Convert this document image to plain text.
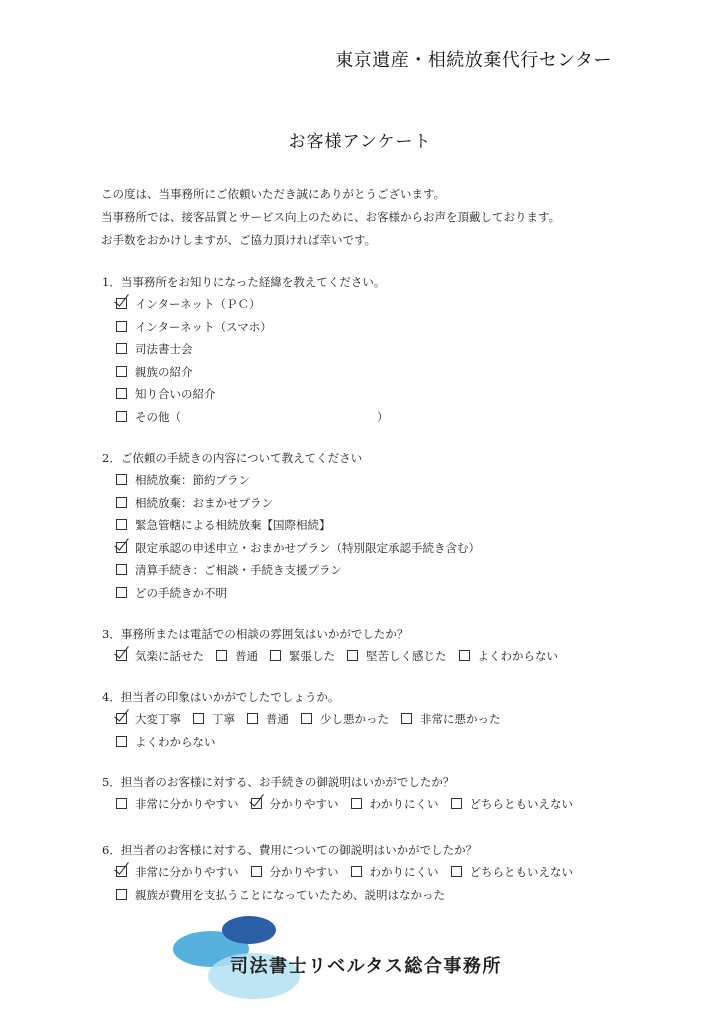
東京遺産・相続放棄代行センター
お客様アンケート

この度は、当事務所にご依頼いただき誠にありがとうございます。

当事務所では、接客品質とサービス向上のために、お客様からお声を頂戴しております。

お手数をおかけしますが、ご協力頂ければ幸いです。

1．当事務所をお知りになった経緯を教えてください。
インターネット（ＰＣ）
インターネット（スマホ）
司法書士会
親族の紹介
知り合いの紹介
その他（	）
2．ご依頼の手続きの内容について教えてください
相続放棄：節約プラン
相続放棄：おまかせプラン
緊急管轄による相続放棄【国際相続】
限定承認の申述申立・おまかせプラン（特別限定承認手続き含む）
清算手続き：ご相談・手続き支援プラン
どの手続きか不明
3．事務所または電話での相談の雰囲気はいかがでしたか？
気楽に話せた	普通	緊張した	堅苦しく感じた	よくわからない
4．担当者の印象はいかがでしたでしょうか。
大変丁寧	丁寧	普通	少し悪かった	非常に悪かった
よくわからない
5．担当者のお客様に対する、お手続きの御説明はいかがでしたか？
非常に分かりやすい	分かりやすい	わかりにくい	どちらともいえない
6．担当者のお客様に対する、費用についての御説明はいかがでしたか？
非常に分かりやすい	分かりやすい	わかりにくい	どちらともいえない
親族が費用を支払うことになっていたため、説明はなかった
司法書士リベルタス総合事務所
